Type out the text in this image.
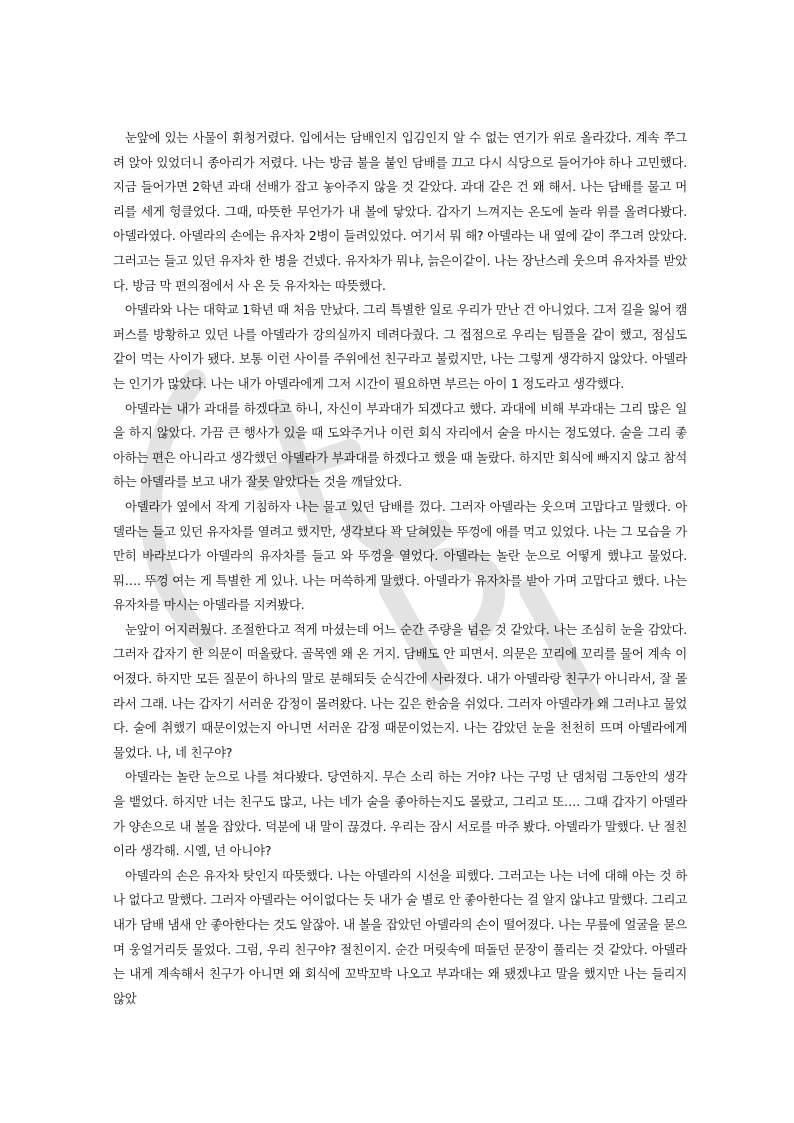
눈앞에 있는 사물이 휘청거렸다. 입에서는 담배인지 입김인지 알 수 없는 연기가 위로 올라갔다. 계속 쭈그려 앉아 있었더니 종아리가 저렸다. 나는 방금 불을 붙인 담배를 끄고 다시 식당으로 들어가야 하나 고민했다. 지금 들어가면 2학년 과대 선배가 잡고 놓아주지 않을 것 같았다. 과대 같은 건 왜 해서. 나는 담배를 물고 머리를 세게 헝클었다. 그때, 따뜻한 무언가가 내 볼에 닿았다. 갑자기 느껴지는 온도에 놀라 위를 올려다봤다. 아델라였다. 아델라의 손에는 유자차 2병이 들려있었다. 여기서 뭐 해? 아델라는 내 옆에 같이 쭈그려 앉았다. 그러고는 들고 있던 유자차 한 병을 건넸다. 유자차가 뭐냐, 늙은이같이. 나는 장난스레 웃으며 유자차를 받았다. 방금 막 편의점에서 사 온 듯 유자차는 따뜻했다.

아델라와 나는 대학교 1학년 때 처음 만났다. 그리 특별한 일로 우리가 만난 건 아니었다. 그저 길을 잃어 캠퍼스를 방황하고 있던 나를 아델라가 강의실까지 데려다줬다. 그 접점으로 우리는 팀플을 같이 했고, 점심도 같이 먹는 사이가 됐다. 보통 이런 사이를 주위에선 친구라고 불렀지만, 나는 그렇게 생각하지 않았다. 아델라는 인기가 많았다. 나는 내가 아델라에게 그저 시간이 필요하면 부르는 아이 1 정도라고 생각했다.

아델라는 내가 과대를 하겠다고 하니, 자신이 부과대가 되겠다고 했다. 과대에 비해 부과대는 그리 많은 일을 하지 않았다. 가끔 큰 행사가 있을 때 도와주거나 이런 회식 자리에서 술을 마시는 정도였다. 술을 그리 좋아하는 편은 아니라고 생각했던 아델라가 부과대를 하겠다고 했을 때 놀랐다. 하지만 회식에 빠지지 않고 참석하는 아델라를 보고 내가 잘못 알았다는 것을 깨달았다.

아델라가 옆에서 작게 기침하자 나는 물고 있던 담배를 껐다. 그러자 아델라는 웃으며 고맙다고 말했다. 아델라는 들고 있던 유자차를 열려고 했지만, 생각보다 꽉 닫혀있는 뚜껑에 애를 먹고 있었다. 나는 그 모습을 가만히 바라보다가 아델라의 유자차를 들고 와 뚜껑을 열었다. 아델라는 놀란 눈으로 어떻게 했냐고 물었다. 뭐…. 뚜껑 여는 게 특별한 게 있나. 나는 머쓱하게 말했다. 아델라가 유자차를 받아 가며 고맙다고 했다. 나는 유자차를 마시는 아델라를 지켜봤다.

눈앞이 어지러웠다. 조절한다고 적게 마셨는데 어느 순간 주량을 넘은 것 같았다. 나는 조심히 눈을 감았다. 그러자 갑자기 한 의문이 떠올랐다. 골목엔 왜 온 거지. 담배도 안 피면서. 의문은 꼬리에 꼬리를 물어 계속 이어졌다. 하지만 모든 질문이 하나의 말로 분해되듯 순식간에 사라졌다. 내가 아델라랑 친구가 아니라서, 잘 몰라서 그래. 나는 갑자기 서러운 감정이 몰려왔다. 나는 깊은 한숨을 쉬었다. 그러자 아델라가 왜 그러냐고 물었다. 술에 취했기 때문이었는지 아니면 서러운 감정 때문이었는지. 나는 감았던 눈을 천천히 뜨며 아델라에게 물었다. 나, 네 친구야?

아델라는 놀란 눈으로 나를 쳐다봤다. 당연하지. 무슨 소리 하는 거야? 나는 구멍 난 댐처럼 그동안의 생각을 뱉었다. 하지만 너는 친구도 많고, 나는 네가 술을 좋아하는지도 몰랐고, 그리고 또…. 그때 갑자기 아델라가 양손으로 내 볼을 잡았다. 덕분에 내 말이 끊겼다. 우리는 잠시 서로를 마주 봤다. 아델라가 말했다. 난 절친이라 생각해. 시엘, 넌 아니야?

아델라의 손은 유자차 탓인지 따뜻했다. 나는 아델라의 시선을 피했다. 그러고는 나는 너에 대해 아는 것 하나 없다고 말했다. 그러자 아델라는 어이없다는 듯 내가 술 별로 안 좋아한다는 걸 알지 않냐고 말했다. 그리고 내가 담배 냄새 안 좋아한다는 것도 알잖아. 내 볼을 잡았던 아델라의 손이 떨어졌다. 나는 무릎에 얼굴을 묻으며 웅얼거리듯 물었다. 그럼, 우리 친구야? 절친이지. 순간 머릿속에 떠돌던 문장이 풀리는 것 같았다. 아델라는 내게 계속해서 친구가 아니면 왜 회식에 꼬박꼬박 나오고 부과대는 왜 됐겠냐고 말을 했지만 나는 들리지 않았
